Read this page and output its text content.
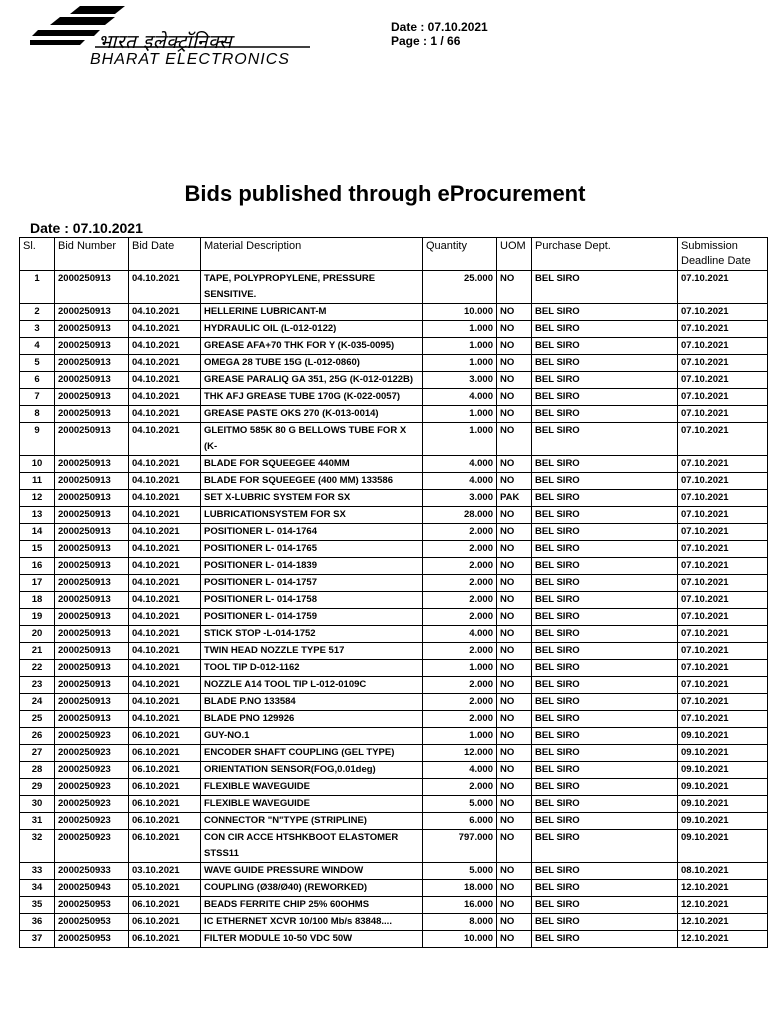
भारत इलेक्ट्रॉनिक्स
BHARAT ELECTRONICS
Date : 07.10.2021
Page : 1 / 66
Bids published through eProcurement
Date : 07.10.2021
Sl.	Bid Number	Bid Date	Material Description	Quantity	UOM	Purchase Dept.	Submission Deadline Date
1	2000250913	04.10.2021	TAPE, POLYPROPYLENE, PRESSURE SENSITIVE.	25.000	NO	BEL SIRO	07.10.2021
2	2000250913	04.10.2021	HELLERINE LUBRICANT-M	10.000	NO	BEL SIRO	07.10.2021
3	2000250913	04.10.2021	HYDRAULIC OIL (L-012-0122)	1.000	NO	BEL SIRO	07.10.2021
4	2000250913	04.10.2021	GREASE AFA+70 THK FOR Y (K-035-0095)	1.000	NO	BEL SIRO	07.10.2021
5	2000250913	04.10.2021	OMEGA 28 TUBE 15G (L-012-0860)	1.000	NO	BEL SIRO	07.10.2021
6	2000250913	04.10.2021	GREASE PARALIQ GA 351, 25G (K-012-0122B)	3.000	NO	BEL SIRO	07.10.2021
7	2000250913	04.10.2021	THK AFJ GREASE TUBE 170G (K-022-0057)	4.000	NO	BEL SIRO	07.10.2021
8	2000250913	04.10.2021	GREASE PASTE OKS 270 (K-013-0014)	1.000	NO	BEL SIRO	07.10.2021
9	2000250913	04.10.2021	GLEITMO 585K 80 G BELLOWS TUBE FOR X (K-	1.000	NO	BEL SIRO	07.10.2021
10	2000250913	04.10.2021	BLADE FOR SQUEEGEE 440MM	4.000	NO	BEL SIRO	07.10.2021
11	2000250913	04.10.2021	BLADE FOR SQUEEGEE (400 MM) 133586	4.000	NO	BEL SIRO	07.10.2021
12	2000250913	04.10.2021	SET X-LUBRIC SYSTEM FOR SX	3.000	PAK	BEL SIRO	07.10.2021
13	2000250913	04.10.2021	LUBRICATIONSYSTEM FOR SX	28.000	NO	BEL SIRO	07.10.2021
14	2000250913	04.10.2021	POSITIONER L- 014-1764	2.000	NO	BEL SIRO	07.10.2021
15	2000250913	04.10.2021	POSITIONER L- 014-1765	2.000	NO	BEL SIRO	07.10.2021
16	2000250913	04.10.2021	POSITIONER L- 014-1839	2.000	NO	BEL SIRO	07.10.2021
17	2000250913	04.10.2021	POSITIONER L- 014-1757	2.000	NO	BEL SIRO	07.10.2021
18	2000250913	04.10.2021	POSITIONER L- 014-1758	2.000	NO	BEL SIRO	07.10.2021
19	2000250913	04.10.2021	POSITIONER L- 014-1759	2.000	NO	BEL SIRO	07.10.2021
20	2000250913	04.10.2021	STICK STOP -L-014-1752	4.000	NO	BEL SIRO	07.10.2021
21	2000250913	04.10.2021	TWIN HEAD NOZZLE TYPE 517	2.000	NO	BEL SIRO	07.10.2021
22	2000250913	04.10.2021	TOOL TIP D-012-1162	1.000	NO	BEL SIRO	07.10.2021
23	2000250913	04.10.2021	NOZZLE A14 TOOL TIP L-012-0109C	2.000	NO	BEL SIRO	07.10.2021
24	2000250913	04.10.2021	BLADE P.NO 133584	2.000	NO	BEL SIRO	07.10.2021
25	2000250913	04.10.2021	BLADE PNO 129926	2.000	NO	BEL SIRO	07.10.2021
26	2000250923	06.10.2021	GUY-NO.1	1.000	NO	BEL SIRO	09.10.2021
27	2000250923	06.10.2021	ENCODER SHAFT COUPLING (GEL TYPE)	12.000	NO	BEL SIRO	09.10.2021
28	2000250923	06.10.2021	ORIENTATION SENSOR(FOG,0.01deg)	4.000	NO	BEL SIRO	09.10.2021
29	2000250923	06.10.2021	FLEXIBLE WAVEGUIDE	2.000	NO	BEL SIRO	09.10.2021
30	2000250923	06.10.2021	FLEXIBLE WAVEGUIDE	5.000	NO	BEL SIRO	09.10.2021
31	2000250923	06.10.2021	CONNECTOR "N"TYPE (STRIPLINE)	6.000	NO	BEL SIRO	09.10.2021
32	2000250923	06.10.2021	CON CIR ACCE HTSHKBOOT ELASTOMER STSS11	797.000	NO	BEL SIRO	09.10.2021
33	2000250933	03.10.2021	WAVE GUIDE PRESSURE WINDOW	5.000	NO	BEL SIRO	08.10.2021
34	2000250943	05.10.2021	COUPLING (Ø38/Ø40) (REWORKED)	18.000	NO	BEL SIRO	12.10.2021
35	2000250953	06.10.2021	BEADS FERRITE CHIP 25% 60OHMS	16.000	NO	BEL SIRO	12.10.2021
36	2000250953	06.10.2021	IC ETHERNET XCVR 10/100 Mb/s 83848....	8.000	NO	BEL SIRO	12.10.2021
37	2000250953	06.10.2021	FILTER MODULE 10-50 VDC 50W	10.000	NO	BEL SIRO	12.10.2021
